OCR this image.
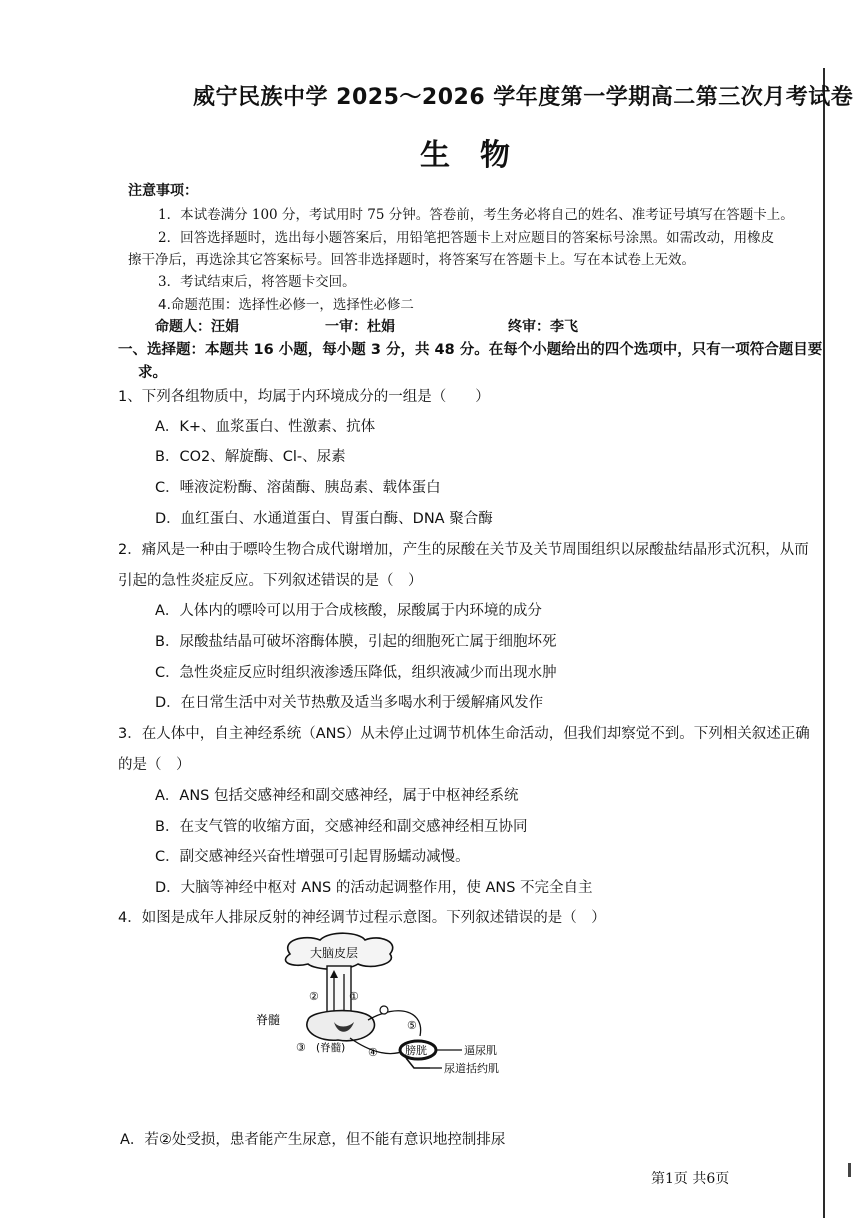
威宁民族中学 2025～2026 学年度第一学期高二第三次月考试卷
生物
注意事项：
1．本试卷满分 100 分，考试用时 75 分钟。答卷前，考生务必将自己的姓名、准考证号填写在答题卡上。
2．回答选择题时，选出每小题答案后，用铅笔把答题卡上对应题目的答案标号涂黑。如需改动，用橡皮
擦干净后，再选涂其它答案标号。回答非选择题时，将答案写在答题卡上。写在本试卷上无效。
3．考试结束后，将答题卡交回。
4.命题范围：选择性必修一，选择性必修二
命题人：汪娟	一审：杜娟	终审：李飞
一、选择题：本题共 16 小题，每小题 3 分，共 48 分。在每个小题给出的四个选项中，只有一项符合题目要
求。
1、下列各组物质中，均属于内环境成分的一组是（　　）
A．K+、血浆蛋白、性激素、抗体
B．CO2、解旋酶、Cl-、尿素
C．唾液淀粉酶、溶菌酶、胰岛素、载体蛋白
D．血红蛋白、水通道蛋白、胃蛋白酶、DNA 聚合酶
2．痛风是一种由于嘌呤生物合成代谢增加，产生的尿酸在关节及关节周围组织以尿酸盐结晶形式沉积，从而
引起的急性炎症反应。下列叙述错误的是（　）
A．人体内的嘌呤可以用于合成核酸，尿酸属于内环境的成分
B．尿酸盐结晶可破坏溶酶体膜，引起的细胞死亡属于细胞坏死
C．急性炎症反应时组织液渗透压降低，组织液减少而出现水肿
D．在日常生活中对关节热敷及适当多喝水利于缓解痛风发作
3．在人体中，自主神经系统（ANS）从未停止过调节机体生命活动，但我们却察觉不到。下列相关叙述正确
的是（　）
A．ANS 包括交感神经和副交感神经，属于中枢神经系统
B．在支气管的收缩方面，交感神经和副交感神经相互协同
C．副交感神经兴奋性增强可引起胃肠蠕动减慢。
D．大脑等神经中枢对 ANS 的活动起调整作用，使 ANS 不完全自主
4．如图是成年人排尿反射的神经调节过程示意图。下列叙述错误的是（　）
大脑皮层
②	①
脊髓
③ (脊髓)
⑤
④ 膀胱	逼尿肌
尿道括约肌
A．若②处受损，患者能产生尿意，但不能有意识地控制排尿
第1页 共6页
